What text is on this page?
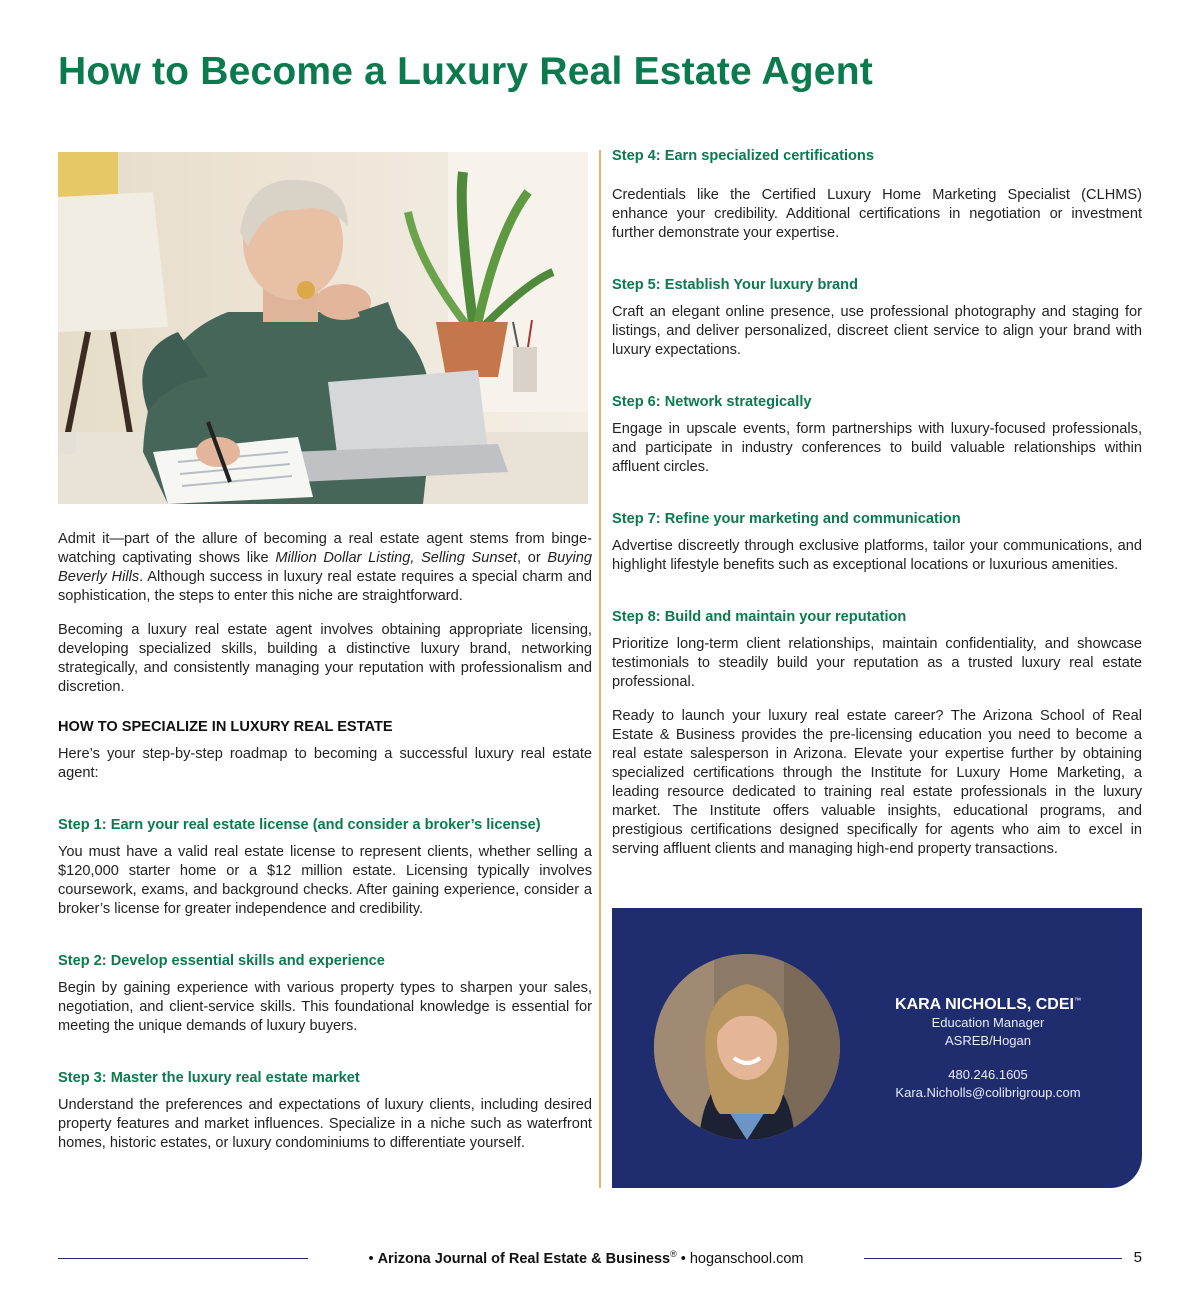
How to Become a Luxury Real Estate Agent

Admit it—part of the allure of becoming a real estate agent stems from binge-watching captivating shows like Million Dollar Listing, Selling Sunset, or Buying Beverly Hills. Although success in luxury real estate requires a special charm and sophistication, the steps to enter this niche are straightforward.

Becoming a luxury real estate agent involves obtaining appropriate licensing, developing specialized skills, building a distinctive luxury brand, networking strategically, and consistently managing your reputation with professionalism and discretion.

HOW TO SPECIALIZE IN LUXURY REAL ESTATE

Here’s your step-by-step roadmap to becoming a successful luxury real estate agent:

Step 1: Earn your real estate license (and consider a broker’s license)

You must have a valid real estate license to represent clients, whether selling a $120,000 starter home or a $12 million estate. Licensing typically involves coursework, exams, and background checks. After gaining experience, consider a broker’s license for greater independence and credibility.

Step 2: Develop essential skills and experience

Begin by gaining experience with various property types to sharpen your sales, negotiation, and client-service skills. This foundational knowledge is essential for meeting the unique demands of luxury buyers.

Step 3: Master the luxury real estate market

Understand the preferences and expectations of luxury clients, including desired property features and market influences. Specialize in a niche such as waterfront homes, historic estates, or luxury condominiums to differentiate yourself.

Step 4: Earn specialized certifications

Credentials like the Certified Luxury Home Marketing Specialist (CLHMS) enhance your credibility. Additional certifications in negotiation or investment further demonstrate your expertise.

Step 5: Establish Your luxury brand

Craft an elegant online presence, use professional photography and staging for listings, and deliver personalized, discreet client service to align your brand with luxury expectations.

Step 6: Network strategically

Engage in upscale events, form partnerships with luxury-focused professionals, and participate in industry conferences to build valuable relationships within affluent circles.

Step 7: Refine your marketing and communication

Advertise discreetly through exclusive platforms, tailor your communications, and highlight lifestyle benefits such as exceptional locations or luxurious amenities.

Step 8: Build and maintain your reputation

Prioritize long-term client relationships, maintain confidentiality, and showcase testimonials to steadily build your reputation as a trusted luxury real estate professional.

Ready to launch your luxury real estate career? The Arizona School of Real Estate & Business provides the pre-licensing education you need to become a real estate salesperson in Arizona. Elevate your expertise further by obtaining specialized certifications through the Institute for Luxury Home Marketing, a leading resource dedicated to training real estate professionals in the luxury market. The Institute offers valuable insights, educational programs, and prestigious certifications designed specifically for agents who aim to excel in serving affluent clients and managing high-end property transactions.

KARA NICHOLLS, CDEI™
Education Manager
ASREB/Hogan
480.246.1605
Kara.Nicholls@colibrigroup.com
• Arizona Journal of Real Estate & Business® • hoganschool.com	5
